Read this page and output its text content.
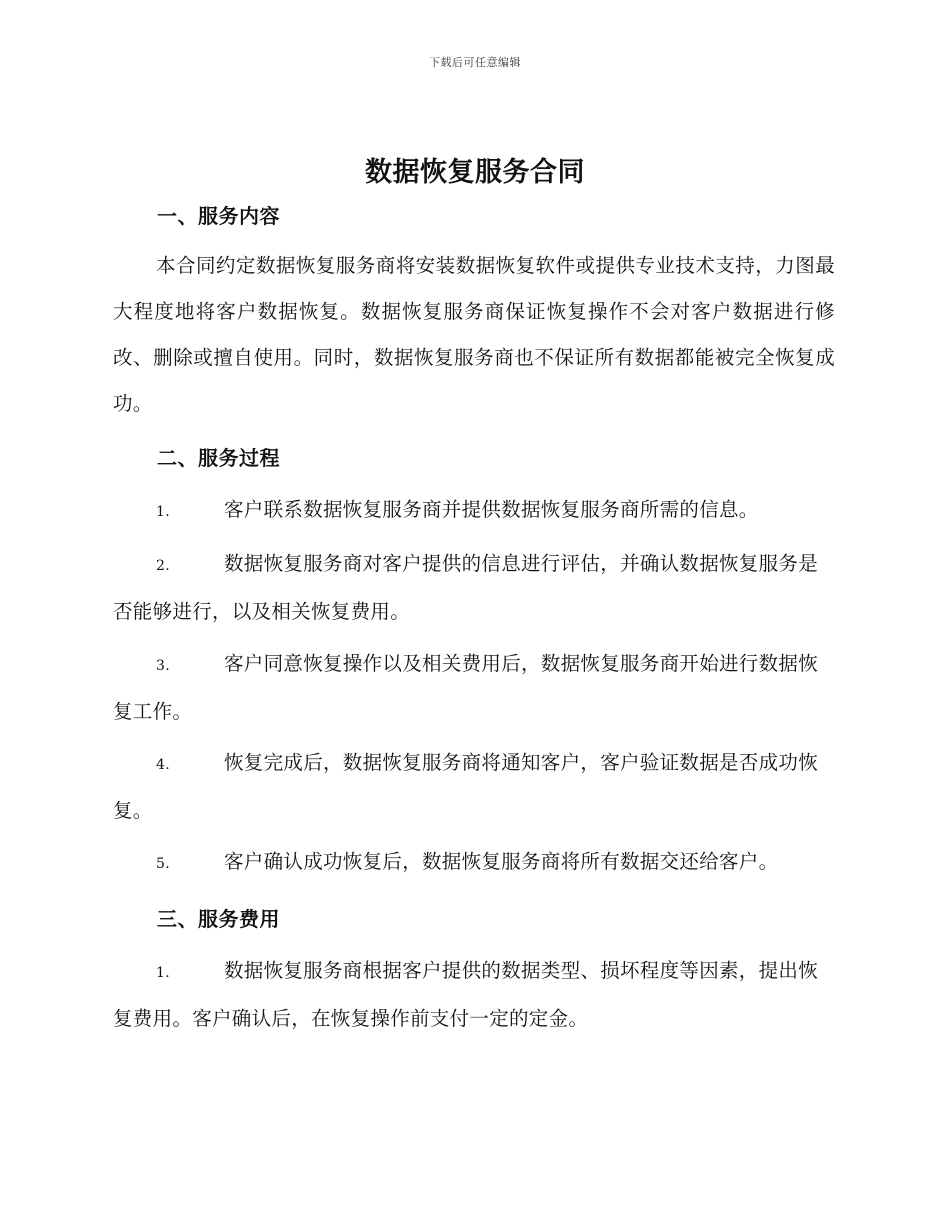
下载后可任意编辑
数据恢复服务合同
一、服务内容
本合同约定数据恢复服务商将安装数据恢复软件或提供专业技术支持，力图最大程度地将客户数据恢复。数据恢复服务商保证恢复操作不会对客户数据进行修改、删除或擅自使用。同时，数据恢复服务商也不保证所有数据都能被完全恢复成功。
二、服务过程
1.	客户联系数据恢复服务商并提供数据恢复服务商所需的信息。
2.	数据恢复服务商对客户提供的信息进行评估，并确认数据恢复服务是否能够进行，以及相关恢复费用。
3.	客户同意恢复操作以及相关费用后，数据恢复服务商开始进行数据恢复工作。
4.	恢复完成后，数据恢复服务商将通知客户，客户验证数据是否成功恢复。
5.	客户确认成功恢复后，数据恢复服务商将所有数据交还给客户。
三、服务费用
1.	数据恢复服务商根据客户提供的数据类型、损坏程度等因素，提出恢复费用。客户确认后，在恢复操作前支付一定的定金。
